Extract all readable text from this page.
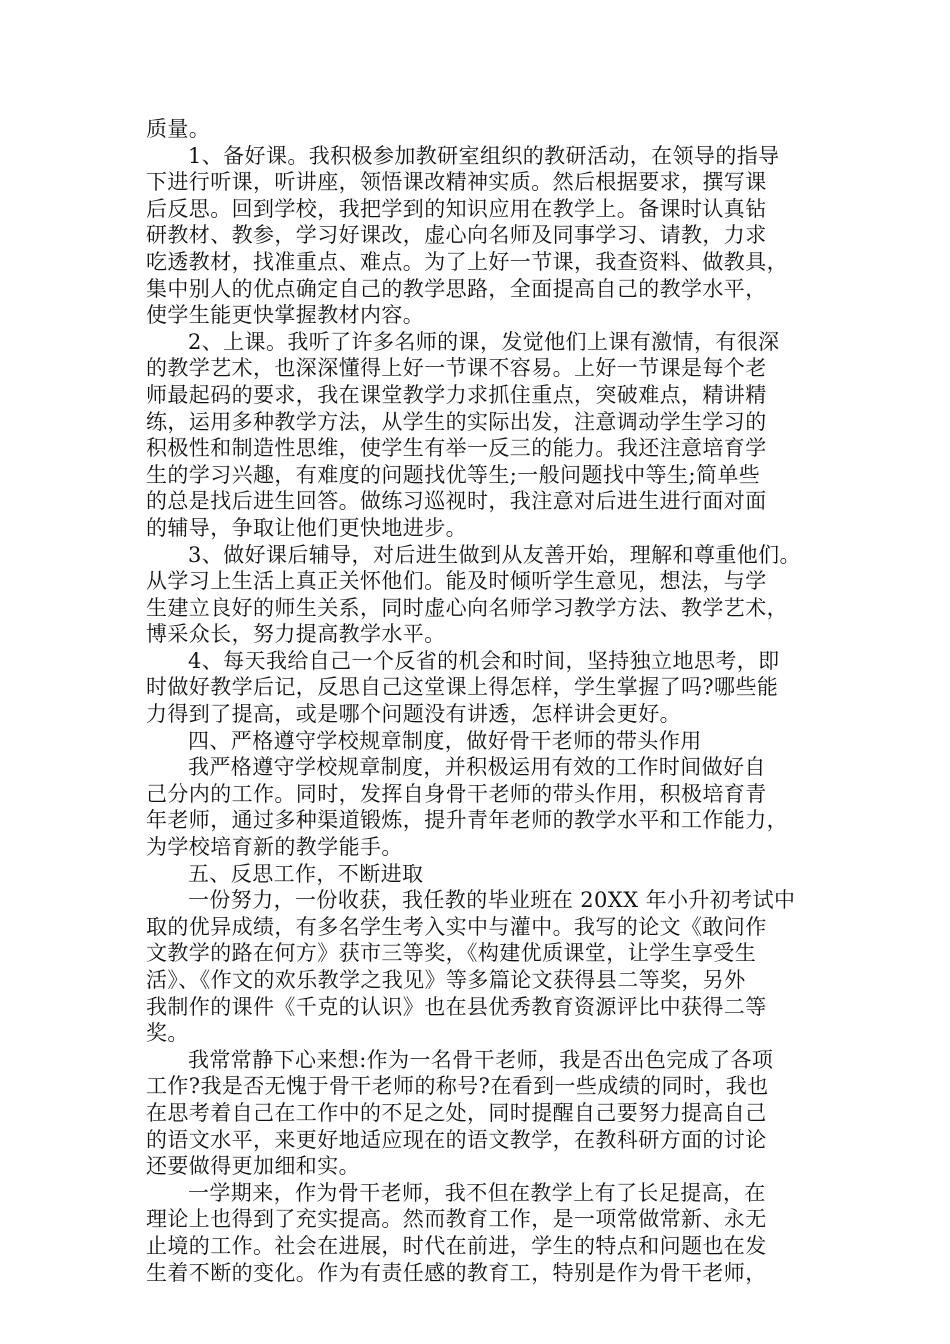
质量。
1、备好课。我积极参加教研室组织的教研活动，在领导的指导
下进行听课，听讲座，领悟课改精神实质。然后根据要求，撰写课
后反思。回到学校，我把学到的知识应用在教学上。备课时认真钻
研教材、教参，学习好课改，虚心向名师及同事学习、请教，力求
吃透教材，找准重点、难点。为了上好一节课，我查资料、做教具，
集中别人的优点确定自己的教学思路，全面提高自己的教学水平，
使学生能更快掌握教材内容。
2、上课。我听了许多名师的课，发觉他们上课有激情，有很深
的教学艺术，也深深懂得上好一节课不容易。上好一节课是每个老
师最起码的要求，我在课堂教学力求抓住重点，突破难点，精讲精
练，运用多种教学方法，从学生的实际出发，注意调动学生学习的
积极性和制造性思维，使学生有举一反三的能力。我还注意培育学
生的学习兴趣，有难度的问题找优等生;一般问题找中等生;简单些
的总是找后进生回答。做练习巡视时，我注意对后进生进行面对面
的辅导，争取让他们更快地进步。
3、做好课后辅导，对后进生做到从友善开始，理解和尊重他们。
从学习上生活上真正关怀他们。能及时倾听学生意见，想法，与学
生建立良好的师生关系，同时虚心向名师学习教学方法、教学艺术，
博采众长，努力提高教学水平。
4、每天我给自己一个反省的机会和时间，坚持独立地思考，即
时做好教学后记，反思自己这堂课上得怎样，学生掌握了吗?哪些能
力得到了提高，或是哪个问题没有讲透，怎样讲会更好。
四、严格遵守学校规章制度，做好骨干老师的带头作用
我严格遵守学校规章制度，并积极运用有效的工作时间做好自
己分内的工作。同时，发挥自身骨干老师的带头作用，积极培育青
年老师，通过多种渠道锻炼，提升青年老师的教学水平和工作能力，
为学校培育新的教学能手。
五、反思工作，不断进取
一份努力，一份收获，我任教的毕业班在 20XX 年小升初考试中
取的优异成绩，有多名学生考入实中与灌中。我写的论文《敢问作
文教学的路在何方》获市三等奖，《构建优质课堂，让学生享受生
活》、《作文的欢乐教学之我见》等多篇论文获得县二等奖，另外
我制作的课件《千克的认识》也在县优秀教育资源评比中获得二等
奖。
我常常静下心来想:作为一名骨干老师，我是否出色完成了各项
工作?我是否无愧于骨干老师的称号?在看到一些成绩的同时，我也
在思考着自己在工作中的不足之处，同时提醒自己要努力提高自己
的语文水平，来更好地适应现在的语文教学，在教科研方面的讨论
还要做得更加细和实。
一学期来，作为骨干老师，我不但在教学上有了长足提高，在
理论上也得到了充实提高。然而教育工作，是一项常做常新、永无
止境的工作。社会在进展，时代在前进，学生的特点和问题也在发
生着不断的变化。作为有责任感的教育工，特别是作为骨干老师，
